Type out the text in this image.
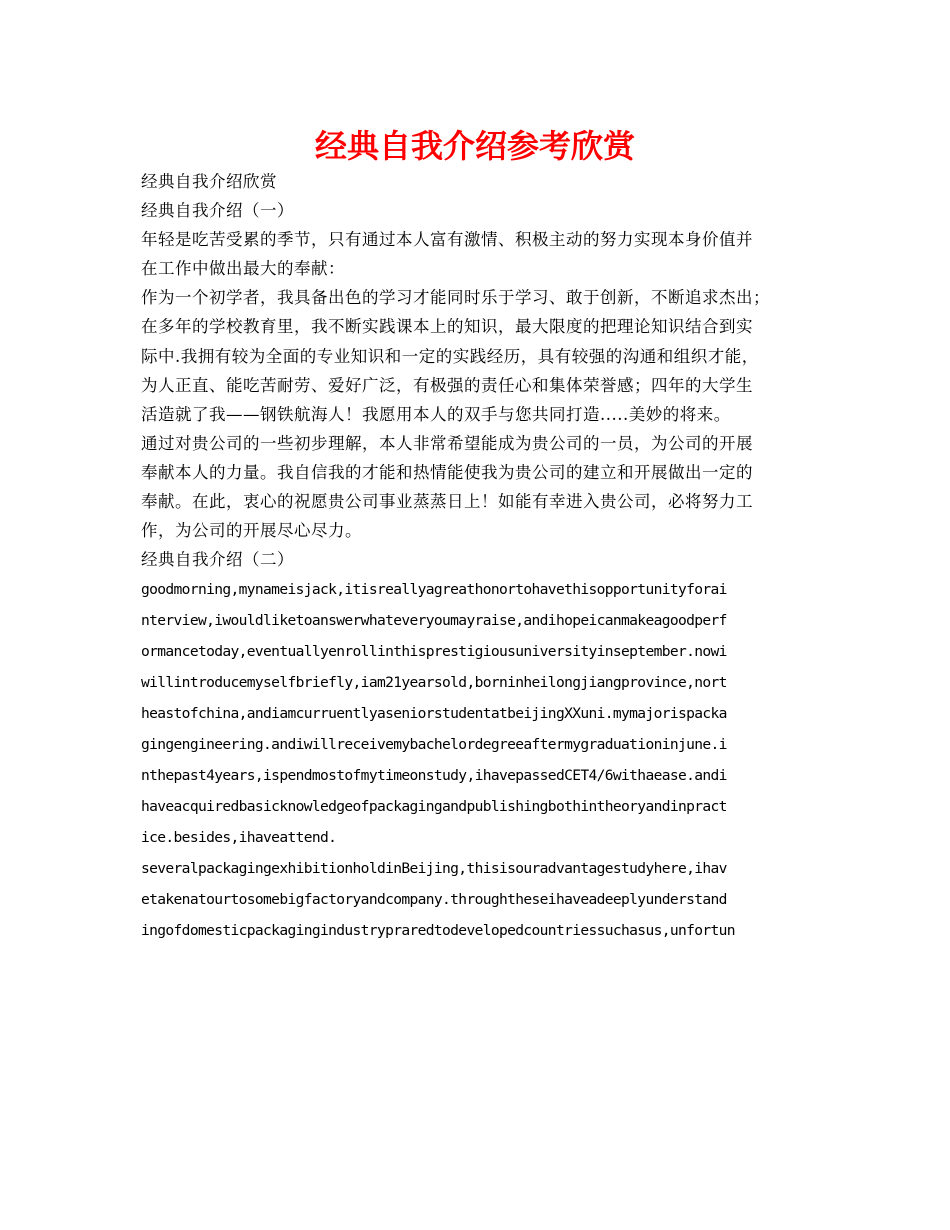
经典自我介绍参考欣赏
经典自我介绍欣赏
经典自我介绍（一）
年轻是吃苦受累的季节，只有通过本人富有激情、积极主动的努力实现本身价值并
在工作中做出最大的奉献：
作为一个初学者，我具备出色的学习才能同时乐于学习、敢于创新，不断追求杰出；
在多年的学校教育里，我不断实践课本上的知识，最大限度的把理论知识结合到实
际中.我拥有较为全面的专业知识和一定的实践经历，具有较强的沟通和组织才能，
为人正直、能吃苦耐劳、爱好广泛，有极强的责任心和集体荣誉感；四年的大学生
活造就了我——钢铁航海人！我愿用本人的双手与您共同打造.....美妙的将来。
通过对贵公司的一些初步理解，本人非常希望能成为贵公司的一员，为公司的开展
奉献本人的力量。我自信我的才能和热情能使我为贵公司的建立和开展做出一定的
奉献。在此，衷心的祝愿贵公司事业蒸蒸日上！如能有幸进入贵公司，必将努力工
作，为公司的开展尽心尽力。
经典自我介绍（二）
goodmorning,mynameisjack,itisreallyagreathonortohavethisopportunityforai
nterview,iwouldliketoanswerwhateveryoumayraise,andihopeicanmakeagoodperf
ormancetoday,eventuallyenrollinthisprestigiousuniversityinseptember.nowi
willintroducemyselfbriefly,iam21yearsold,borninheilongjiangprovince,nort
heastofchina,andiamcurruentlyaseniorstudentatbeijingXXuni.mymajorispacka
gingengineering.andiwillreceivemybachelordegreeaftermygraduationinjune.i
nthepast4years,ispendmostofmytimeonstudy,ihavepassedCET4/6withaease.andi
haveacquiredbasicknowledgeofpackagingandpublishingbothintheoryandinpract
ice.besides,ihaveattend.
severalpackagingexhibitionholdinBeijing,thisisouradvantagestudyhere,ihav
etakenatourtosomebigfactoryandcompany.throughtheseihaveadeeplyunderstand
ingofdomesticpackagingindustrypraredtodevelopedcountriessuchasus,unfortun
